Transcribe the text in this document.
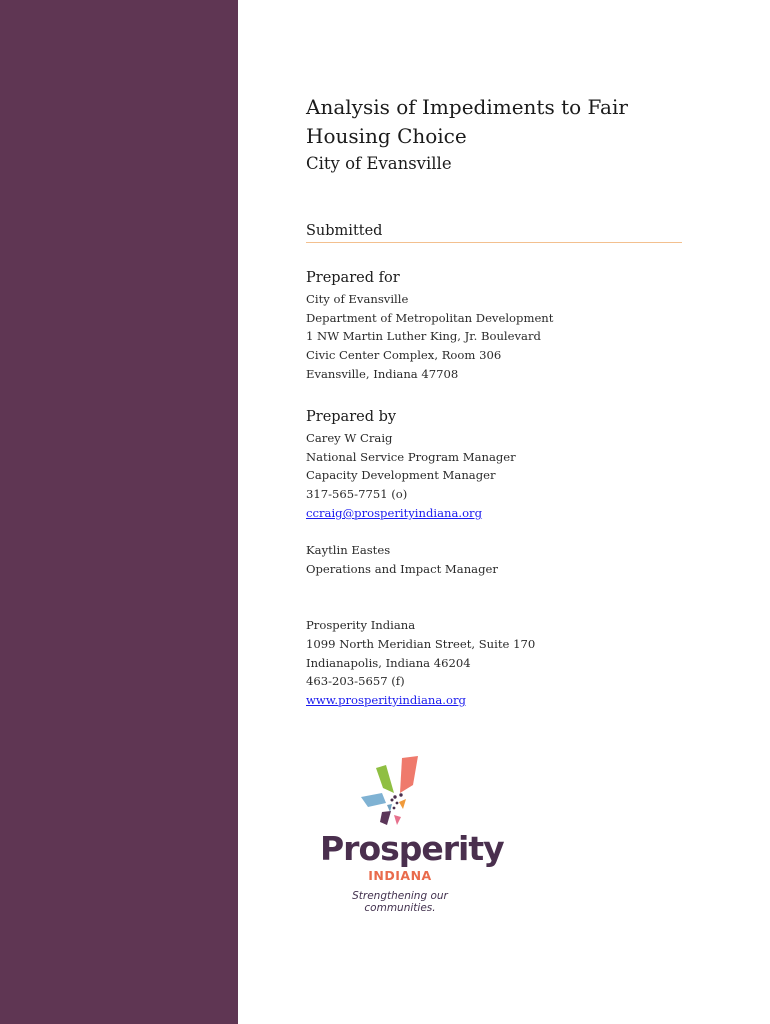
Analysis of Impediments to Fair
Housing Choice
City of Evansville
Submitted
Prepared for
City of Evansville
Department of Metropolitan Development
1 NW Martin Luther King, Jr. Boulevard
Civic Center Complex, Room 306
Evansville, Indiana 47708
Prepared by
Carey W Craig
National Service Program Manager
Capacity Development Manager
317-565-7751 (o)
ccraig@prosperityindiana.org
Kaytlin Eastes
Operations and Impact Manager
Prosperity Indiana
1099 North Meridian Street, Suite 170
Indianapolis, Indiana 46204
463-203-5657 (f)
www.prosperityindiana.org
Prosperity
INDIANA
Strengthening our communities.
